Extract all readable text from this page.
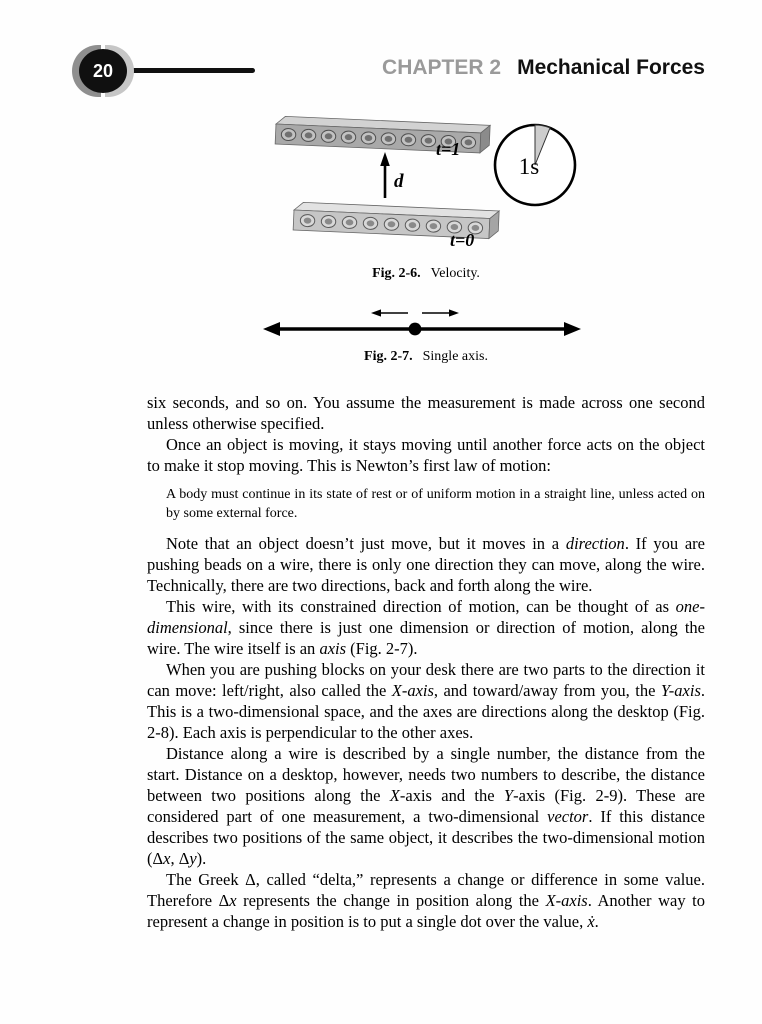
20	CHAPTER 2 Mechanical Forces
t=1
d
t=0
1s
Fig. 2-6. Velocity.
Fig. 2-7. Single axis.

six seconds, and so on. You assume the measurement is made across one second unless otherwise specified.

Once an object is moving, it stays moving until another force acts on the object to make it stop moving. This is Newton’s first law of motion:

A body must continue in its state of rest or of uniform motion in a straight line, unless acted on by some external force.

Note that an object doesn’t just move, but it moves in a direction. If you are pushing beads on a wire, there is only one direction they can move, along the wire. Technically, there are two directions, back and forth along the wire.

This wire, with its constrained direction of motion, can be thought of as one-dimensional, since there is just one dimension or direction of motion, along the wire. The wire itself is an axis (Fig. 2-7).

When you are pushing blocks on your desk there are two parts to the direction it can move: left/right, also called the X-axis, and toward/away from you, the Y-axis. This is a two-dimensional space, and the axes are directions along the desktop (Fig. 2-8). Each axis is perpendicular to the other axes.

Distance along a wire is described by a single number, the distance from the start. Distance on a desktop, however, needs two numbers to describe, the distance between two positions along the X-axis and the Y-axis (Fig. 2-9). These are considered part of one measurement, a two-dimensional vector. If this distance describes two positions of the same object, it describes the two-dimensional motion (Δx, Δy).

The Greek Δ, called “delta,” represents a change or difference in some value. Therefore Δx represents the change in position along the X-axis. Another way to represent a change in position is to put a single dot over the value, ẋ.
